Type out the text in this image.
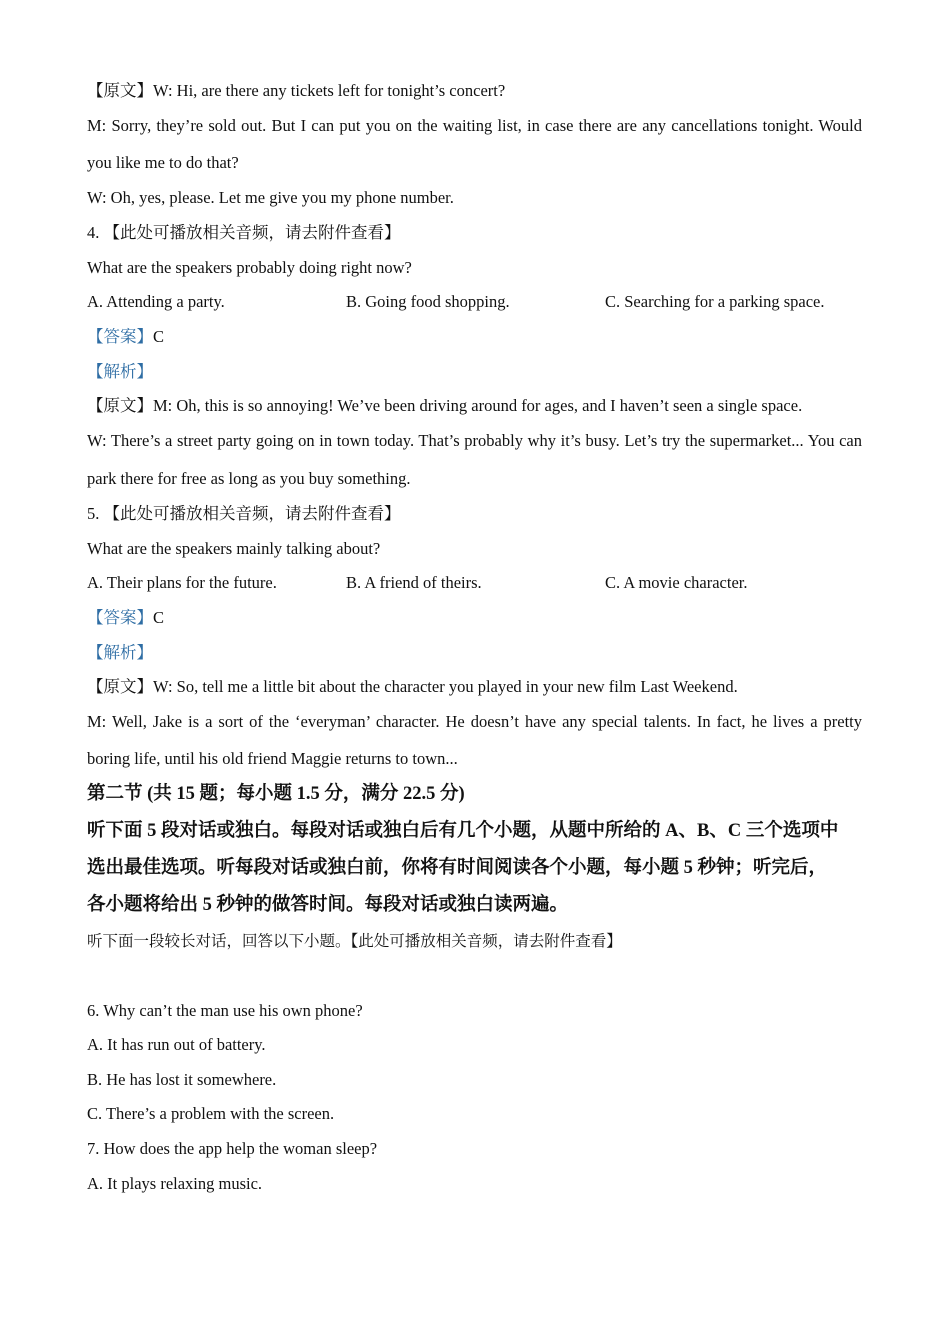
【原文】W: Hi, are there any tickets left for tonight’s concert?
M: Sorry, they’re sold out. But I can put you on the waiting list, in case there are any cancellations tonight. Would
you like me to do that?
W: Oh, yes, please. Let me give you my phone number.
4. 【此处可播放相关音频，请去附件查看】
What are the speakers probably doing right now?
A. Attending a party.	B. Going food shopping.	C. Searching for a parking space.
【答案】C
【解析】
【原文】M: Oh, this is so annoying! We’ve been driving around for ages, and I haven’t seen a single space.
W: There’s a street party going on in town today. That’s probably why it’s busy. Let’s try the supermarket... You can
park there for free as long as you buy something.
5. 【此处可播放相关音频，请去附件查看】
What are the speakers mainly talking about?
A. Their plans for the future.	B. A friend of theirs.	C. A movie character.
【答案】C
【解析】
【原文】W: So, tell me a little bit about the character you played in your new film Last Weekend.
M: Well, Jake is a sort of the ‘everyman’ character. He doesn’t have any special talents. In fact, he lives a pretty
boring life, until his old friend Maggie returns to town...
第二节 (共 15 题；每小题 1.5 分，满分 22.5 分)
听下面 5 段对话或独白。每段对话或独白后有几个小题，从题中所给的 A、B、C 三个选项中
选出最佳选项。听每段对话或独白前，你将有时间阅读各个小题，每小题 5 秒钟；听完后，
各小题将给出 5 秒钟的做答时间。每段对话或独白读两遍。
听下面一段较长对话，回答以下小题。【此处可播放相关音频，请去附件查看】
6. Why can’t the man use his own phone?
A. It has run out of battery.
B. He has lost it somewhere.
C. There’s a problem with the screen.
7. How does the app help the woman sleep?
A. It plays relaxing music.
